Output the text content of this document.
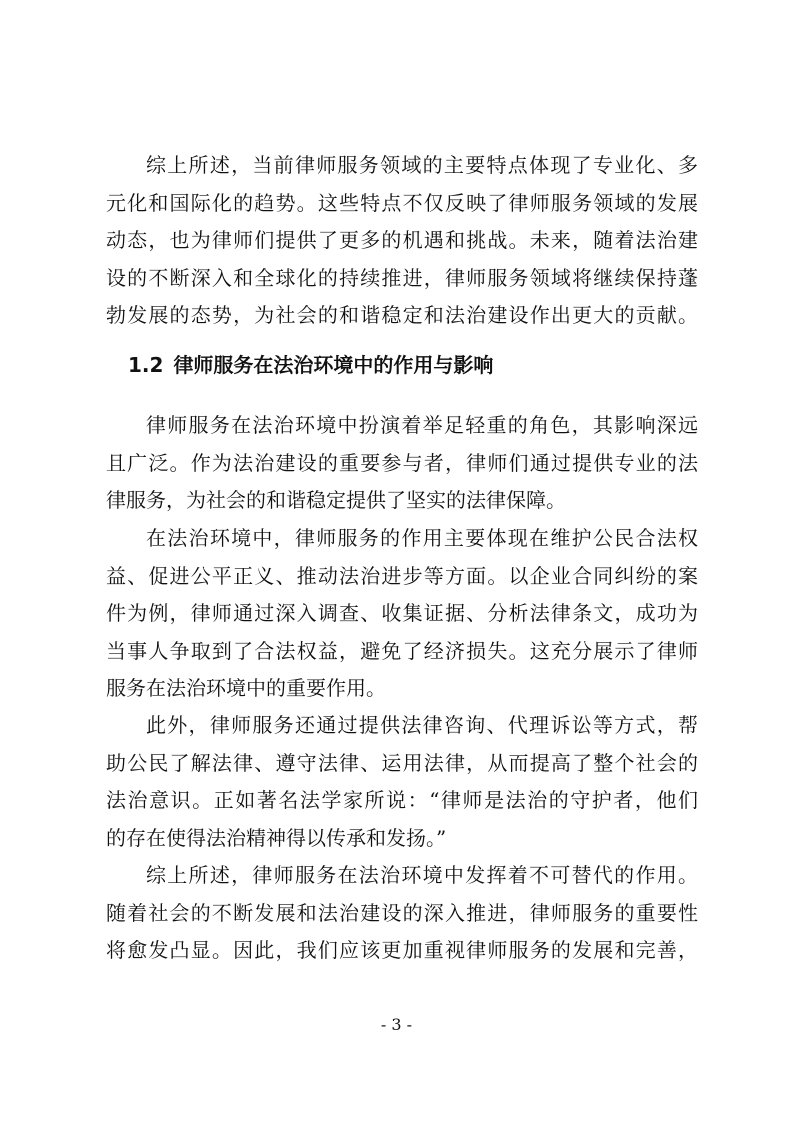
综上所述，当前律师服务领域的主要特点体现了专业化、多
元化和国际化的趋势。这些特点不仅反映了律师服务领域的发展
动态，也为律师们提供了更多的机遇和挑战。未来，随着法治建
设的不断深入和全球化的持续推进，律师服务领域将继续保持蓬
勃发展的态势，为社会的和谐稳定和法治建设作出更大的贡献。
1.2 律师服务在法治环境中的作用与影响
律师服务在法治环境中扮演着举足轻重的角色，其影响深远
且广泛。作为法治建设的重要参与者，律师们通过提供专业的法
律服务，为社会的和谐稳定提供了坚实的法律保障。
在法治环境中，律师服务的作用主要体现在维护公民合法权
益、促进公平正义、推动法治进步等方面。以企业合同纠纷的案
件为例，律师通过深入调查、收集证据、分析法律条文，成功为
当事人争取到了合法权益，避免了经济损失。这充分展示了律师
服务在法治环境中的重要作用。
此外，律师服务还通过提供法律咨询、代理诉讼等方式，帮
助公民了解法律、遵守法律、运用法律，从而提高了整个社会的
法治意识。正如著名法学家所说：“律师是法治的守护者，他们
的存在使得法治精神得以传承和发扬。”
综上所述，律师服务在法治环境中发挥着不可替代的作用。
随着社会的不断发展和法治建设的深入推进，律师服务的重要性
将愈发凸显。因此，我们应该更加重视律师服务的发展和完善，
- 3 -
